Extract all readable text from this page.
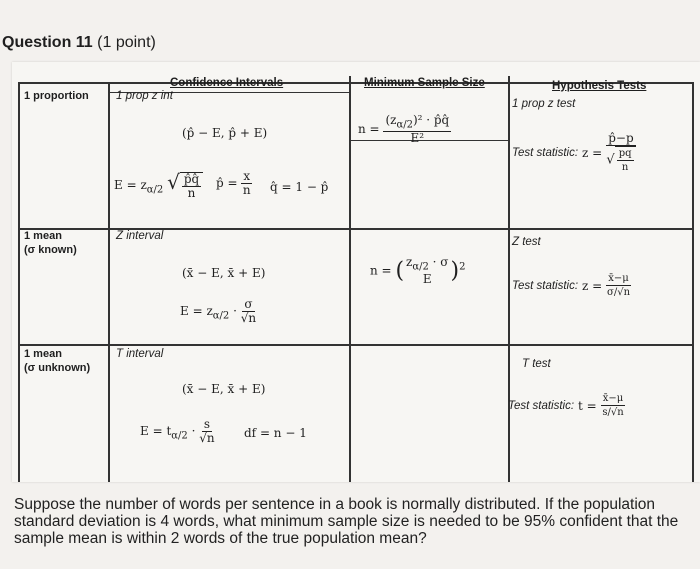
Question 11 (1 point)
Confidence Intervals	Minimum Sample Size	Hypothesis Tests
1 proportion 1 prop z int
(p̂ − E, p̂ + E)
$E = z_{\alpha/2}$ √ $\frac{p̂q̂}{n}$ p̂ = $\frac{x}{n}$ q̂ = 1 − p̂
$n = \frac{(z_{\alpha/2})^2 \cdot p̂q̂}{\text{E²}}$
1 prop z test
Test statistic: $z = \frac{p̂-p}{√ \frac{pq}{n}}$
1 mean
(σ known)
Z interval
(x̄ − E, x̄ + E)
$E = z_{\alpha/2} \cdot \frac{\sigma}{√n}$
n = ( $z_{\alpha/2} \cdot \sigma$
E )$^2$
Z test
Test statistic: $z = \frac{x̄-\mu}{\sigma/√n}$
1 mean
(σ unknown)
T interval
(x̄ − E, x̄ + E)
$E = t_{\alpha/2} \cdot \frac{s}{√n}$ df = n − 1
T test
Test statistic: $t = \frac{x̄-\mu}{s/√n}$
Suppose the number of words per sentence in a book is normally distributed. If the population standard deviation is 4 words, what minimum sample size is needed to be 95% confident that the sample mean is within 2 words of the true population mean?
